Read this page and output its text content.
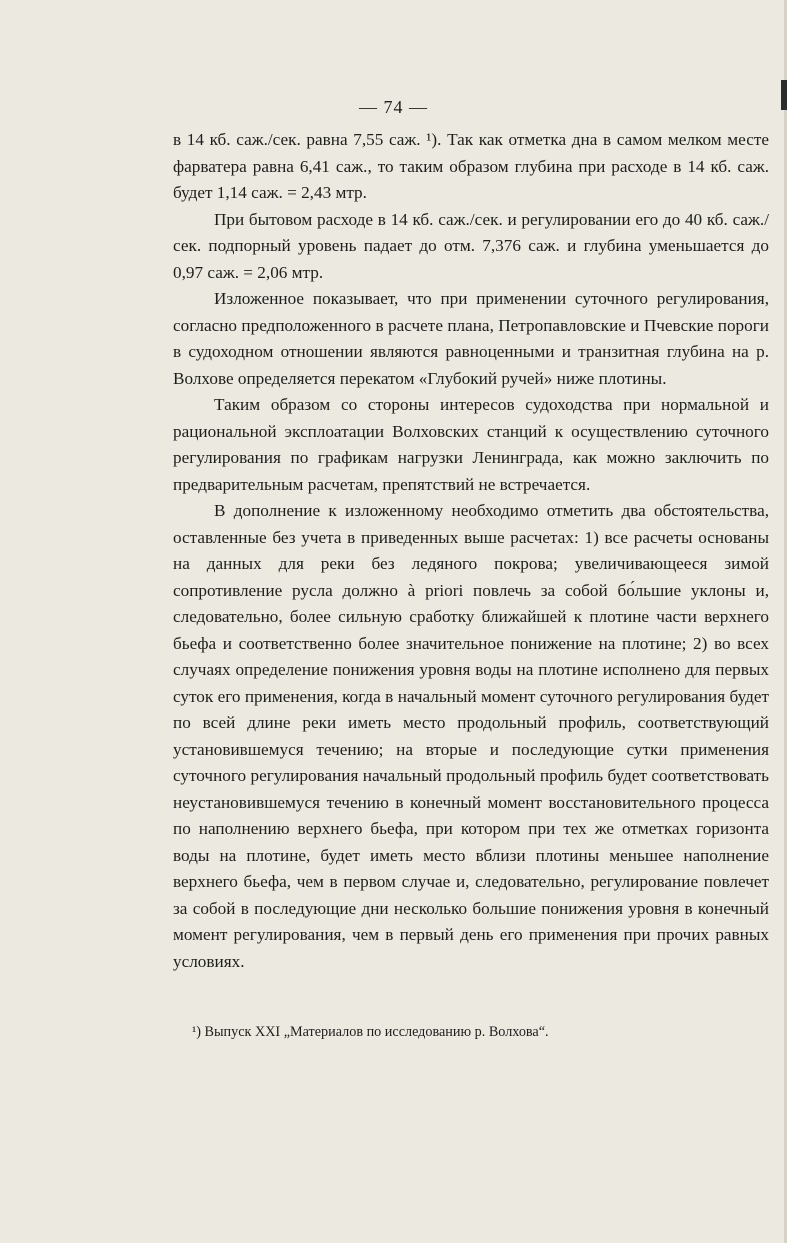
— 74 —

в 14 кб. саж./сек. равна 7,55 саж. ¹). Так как отметка дна в самом мелком месте фарватера равна 6,41 саж., то таким образом глубина при расходе в 14 кб. саж. будет 1,14 саж. = 2,43 мтр.

При бытовом расходе в 14 кб. саж./сек. и регулировании его до 40 кб. саж./сек. подпорный уровень падает до отм. 7,376 саж. и глубина уменьшается до 0,97 саж. = 2,06 мтр.

Изложенное показывает, что при применении суточного регулирования, согласно предположенного в расчете плана, Петропавловские и Пчевские пороги в судоходном отношении являются равноценными и транзитная глубина на р. Волхове определяется перекатом «Глубокий ручей» ниже плотины.

Таким образом со стороны интересов судоходства при нормальной и рациональной эксплоатации Волховских станций к осуществлению суточного регулирования по графикам нагрузки Ленинграда, как можно заключить по предварительным расчетам, препятствий не встречается.

В дополнение к изложенному необходимо отметить два обстоятельства, оставленные без учета в приведенных выше расчетах: 1) все расчеты основаны на данных для реки без ледяного покрова; увеличивающееся зимой сопротивление русла должно à priori повлечь за собой бо́льшие уклоны и, следовательно, более сильную сработку ближайшей к плотине части верхнего бьефа и соответственно более значительное понижение на плотине; 2) во всех случаях определение понижения уровня воды на плотине исполнено для первых суток его применения, когда в начальный момент суточного регулирования будет по всей длине реки иметь место продольный профиль, соответствующий установившемуся течению; на вторые и последующие сутки применения суточного регулирования начальный продольный профиль будет соответствовать неустановившемуся течению в конечный момент восстановительного процесса по наполнению верхнего бьефа, при котором при тех же отметках горизонта воды на плотине, будет иметь место вблизи плотины меньшее наполнение верхнего бьефа, чем в первом случае и, следовательно, регулирование повлечет за собой в последующие дни несколько большие понижения уровня в конечный момент регулирования, чем в первый день его применения при прочих равных условиях.

¹) Выпуск XXI „Материалов по исследованию р. Волхова“.
